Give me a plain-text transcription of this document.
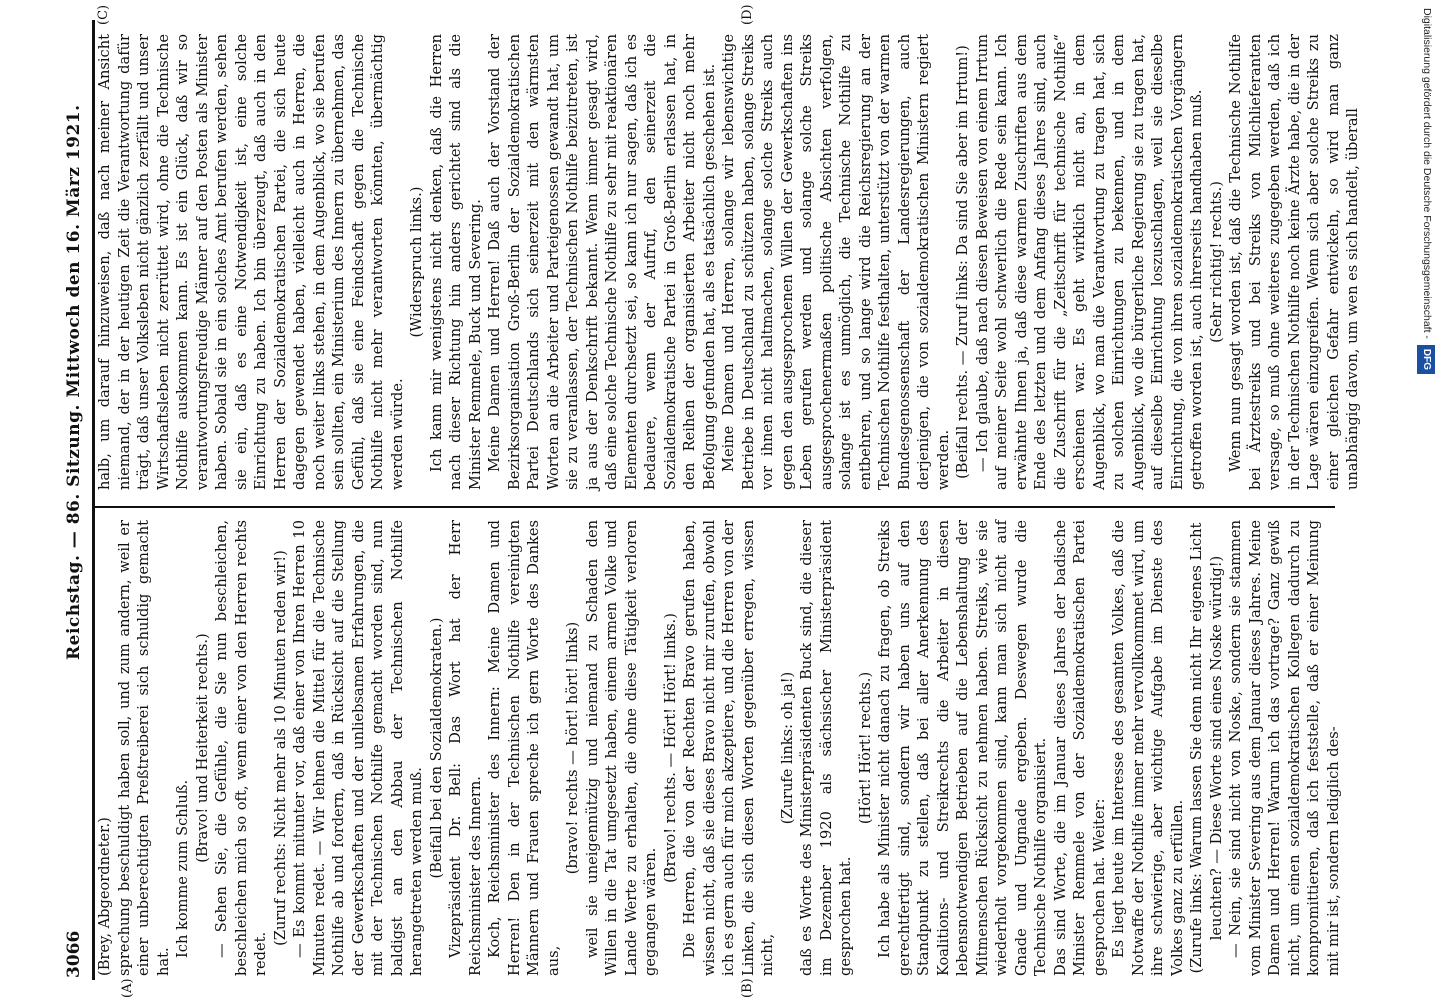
3066
Reichstag. — 86. Sitzung. Mittwoch den 16. März 1921.
(A)	(B)
(C)	(D)

(Brey, Abgeordneter.) sprechung beschuldigt haben soll, und zum andern, weil er einer unberechtigten Preßtreiberei sich schuldig gemacht hat.

Ich komme zum Schluß.

(Bravo! und Heiterkeit rechts.) — Sehen Sie, die Gefühle, die Sie nun beschleichen, beschleichen mich so oft, wenn einer von den Herren rechts redet.

(Zuruf rechts: Nicht mehr als 10 Minuten reden wir!) — Es kommt mitunter vor, daß einer von Ihren Herren 10 Minuten redet. — Wir lehnen die Mittel für die Technische Nothilfe ab und fordern, daß in Rücksicht auf die Stellung der Gewerkschaften und der unliebsamen Erfahrungen, die mit der Technischen Nothilfe gemacht worden sind, nun baldigst an den Abbau der Technischen Nothilfe herangetreten werden muß. (Beifall bei den Sozialdemokraten.) Vizepräsident Dr. Bell: Das Wort hat der Herr Reichsminister des Innern. Koch, Reichsminister des Innern: Meine Damen und Herren! Den in der Technischen Nothilfe vereinigten Männern und Frauen spreche ich gern Worte des Dankes aus,

(bravo! rechts — hört! hört! links) weil sie uneigennützig und niemand zu Schaden den Willen in die Tat umgesetzt haben, einem armen Volke und Lande Werte zu erhalten, die ohne diese Tätigkeit verloren gegangen wären.

(Bravo! rechts. — Hört! Hört! links.) Die Herren, die von der Rechten Bravo gerufen haben, wissen nicht, daß sie dieses Bravo nicht mir zurufen, obwohl ich es gern auch für mich akzeptiere, und die Herren von der Linken, die sich diesen Worten gegenüber erregen, wissen nicht,

(Zurufe links: oh ja!) daß es Worte des Ministerpräsidenten Buck sind, die dieser im Dezember 1920 als sächsischer Ministerpräsident gesprochen hat.

(Hört! Hört! rechts.) Ich habe als Minister nicht danach zu fragen, ob Streiks gerechtfertigt sind, sondern wir haben uns auf den Standpunkt zu stellen, daß bei aller Anerkennung des Koalitions- und Streikrechts die Arbeiter in diesen lebensnotwendigen Betrieben auf die Lebenshaltung der Mitmenschen Rücksicht zu nehmen haben. Streiks, wie sie wiederholt vorgekommen sind, kann man sich nicht auf Gnade und Ungnade ergeben. Deswegen wurde die Technische Nothilfe organisiert. Das sind Worte, die im Januar dieses Jahres der badische Minister Remmele von der Sozialdemokratischen Partei gesprochen hat. Weiter: Es liegt heute im Interesse des gesamten Volkes, daß die Notwaffe der Nothilfe immer mehr vervollkommnet wird, um ihre schwierige, aber wichtige Aufgabe im Dienste des Volkes ganz zu erfüllen. (Zurufe links: Warum lassen Sie denn nicht Ihr eigenes Licht leuchten? — Diese Worte sind eines Noske würdig!) — Nein, sie sind nicht von Noske, sondern sie stammen vom Minister Severing aus dem Januar dieses Jahres. Meine Damen und Herren! Warum ich das vortrage? Ganz gewiß nicht, um einen sozialdemokratischen Kollegen dadurch zu kompromittieren, daß ich feststelle, daß er einer Meinung mit mir ist, sondern lediglich des-

halb, um darauf hinzuweisen, daß nach meiner Ansicht niemand, der in der heutigen Zeit die Verantwortung dafür trägt, daß unser Volksleben nicht gänzlich zerfällt und unser Wirtschaftsleben nicht zerrüttet wird, ohne die Technische Nothilfe auskommen kann. Es ist ein Glück, daß wir so verantwortungsfreudige Männer auf den Posten als Minister haben. Sobald sie in ein solches Amt berufen werden, sehen sie ein, daß es eine Notwendigkeit ist, eine solche Einrichtung zu haben. Ich bin überzeugt, daß auch in den Herren der Sozialdemokratischen Partei, die sich heute dagegen gewendet haben, vielleicht auch in Herren, die noch weiter links stehen, in dem Augenblick, wo sie berufen sein sollten, ein Ministerium des Innern zu übernehmen, das Gefühl, daß sie eine Feindschaft gegen die Technische Nothilfe nicht mehr verantworten könnten, übermächtig werden würde.

(Widerspruch links.) Ich kann mir wenigstens nicht denken, daß die Herren nach dieser Richtung hin anders gerichtet sind als die Minister Remmele, Buck und Severing. Meine Damen und Herren! Daß auch der Vorstand der Bezirksorganisation Groß-Berlin der Sozialdemokratischen Partei Deutschlands sich seinerzeit mit den wärmsten Worten an die Arbeiter und Parteigenossen gewandt hat, um sie zu veranlassen, der Technischen Nothilfe beizutreten, ist ja aus der Denkschrift bekannt. Wenn immer gesagt wird, daß eine solche Technische Nothilfe zu sehr mit reaktionären Elementen durchsetzt sei, so kann ich nur sagen, daß ich es bedauere, wenn der Aufruf, den seinerzeit die Sozialdemokratische Partei in Groß-Berlin erlassen hat, in den Reihen der organisierten Arbeiter nicht noch mehr Befolgung gefunden hat, als es tatsächlich geschehen ist. Meine Damen und Herren, solange wir lebenswichtige Betriebe in Deutschland zu schützen haben, solange Streiks vor ihnen nicht haltmachen, solange solche Streiks auch gegen den ausgesprochenen Willen der Gewerkschaften ins Leben gerufen werden und solange solche Streiks ausgesprochenermaßen politische Absichten verfolgen, solange ist es unmöglich, die Technische Nothilfe zu entbehren, und so lange wird die Reichsregierung an der Technischen Nothilfe festhalten, unterstützt von der warmen Bundesgenossenschaft der Landesregierungen, auch derjenigen, die von sozialdemokratischen Ministern regiert werden. (Beifall rechts. — Zuruf links: Da sind Sie aber im Irrtum!) — Ich glaube, daß nach diesen Beweisen von einem Irrtum auf meiner Seite wohl schwerlich die Rede sein kann. Ich erwähnte Ihnen ja, daß diese warmen Zuschriften aus dem Ende des letzten und dem Anfang dieses Jahres sind, auch die Zuschrift für die „Zeitschrift für technische Nothilfe“ erschienen war. Es geht wirklich nicht an, in dem Augenblick, wo man die Verantwortung zu tragen hat, sich zu solchen Einrichtungen zu bekennen, und in dem Augenblick, wo die bürgerliche Regierung sie zu tragen hat, auf dieselbe Einrichtung loszuschlagen, weil sie dieselbe Einrichtung, die von ihren sozialdemokratischen Vorgängern getroffen worden ist, auch ihrerseits handhaben muß. (Sehr richtig! rechts.) Wenn nun gesagt worden ist, daß die Technische Nothilfe bei Ärztestreiks und bei Streiks von Milchlieferanten versage, so muß ohne weiteres zugegeben werden, daß ich in der Technischen Nothilfe noch keine Ärzte habe, die in der Lage wären einzugreifen. Wenn sich aber solche Streiks zu einer gleichen Gefahr entwickeln, so wird man ganz unabhängig davon, um wen es sich handelt, überall	Digitalisierung gefördert durch die Deutsche Forschungsgemeinschaft -DFG
